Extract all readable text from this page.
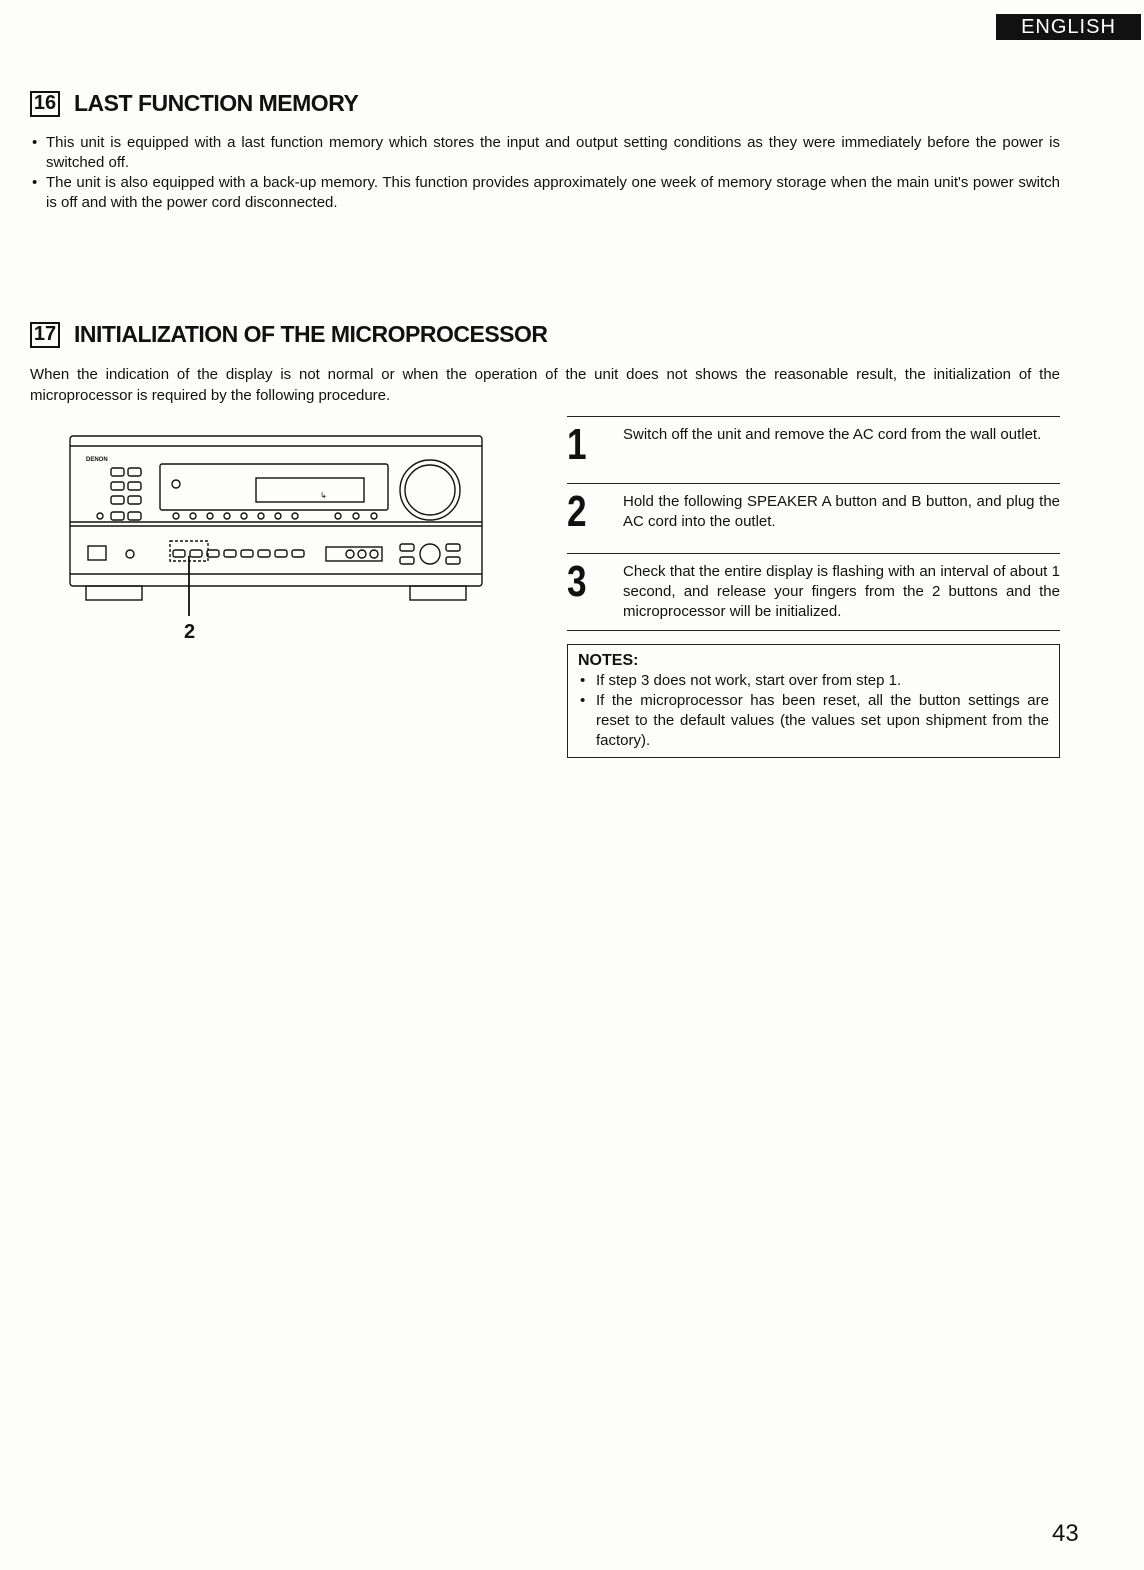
ENGLISH
16 LAST FUNCTION MEMORY
• This unit is equipped with a last function memory which stores the input and output setting conditions as they were immediately before the power is switched off.
• The unit is also equipped with a back-up memory. This function provides approximately one week of memory storage when the main unit's power switch is off and with the power cord disconnected.
17 INITIALIZATION OF THE MICROPROCESSOR

When the indication of the display is not normal or when the operation of the unit does not shows the reasonable result, the initialization of the microprocessor is required by the following procedure.

↳
DENON
2
1 Switch off the unit and remove the AC cord from the wall outlet.
2 Hold the following SPEAKER A button and B button, and plug the AC cord into the outlet.
3 Check that the entire display is flashing with an interval of about 1 second, and release your fingers from the 2 buttons and the microprocessor will be initialized.
NOTES:
• If step 3 does not work, start over from step 1.
• If the microprocessor has been reset, all the button settings are reset to the default values (the values set upon shipment from the factory).
43
